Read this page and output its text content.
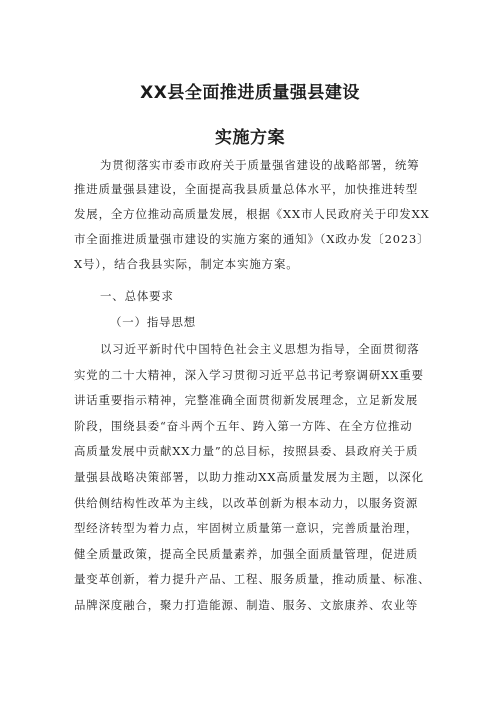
XX县全面推进质量强县建设
实施方案
为贯彻落实市委市政府关于质量强省建设的战略部署，统筹
推进质量强县建设，全面提高我县质量总体水平，加快推进转型
发展，全方位推动高质量发展，根据《XX市人民政府关于印发XX
市全面推进质量强市建设的实施方案的通知》（X政办发〔2023〕
X号），结合我县实际，制定本实施方案。
一、总体要求
（一）指导思想
以习近平新时代中国特色社会主义思想为指导，全面贯彻落
实党的二十大精神，深入学习贯彻习近平总书记考察调研XX重要
讲话重要指示精神，完整准确全面贯彻新发展理念，立足新发展
阶段，围绕县委“奋斗两个五年、跨入第一方阵、在全方位推动
高质量发展中贡献XX力量”的总目标，按照县委、县政府关于质
量强县战略决策部署，以助力推动XX高质量发展为主题，以深化
供给侧结构性改革为主线，以改革创新为根本动力，以服务资源
型经济转型为着力点，牢固树立质量第一意识，完善质量治理，
健全质量政策，提高全民质量素养，加强全面质量管理，促进质
量变革创新，着力提升产品、工程、服务质量，推动质量、标准、
品牌深度融合，聚力打造能源、制造、服务、文旅康养、农业等
